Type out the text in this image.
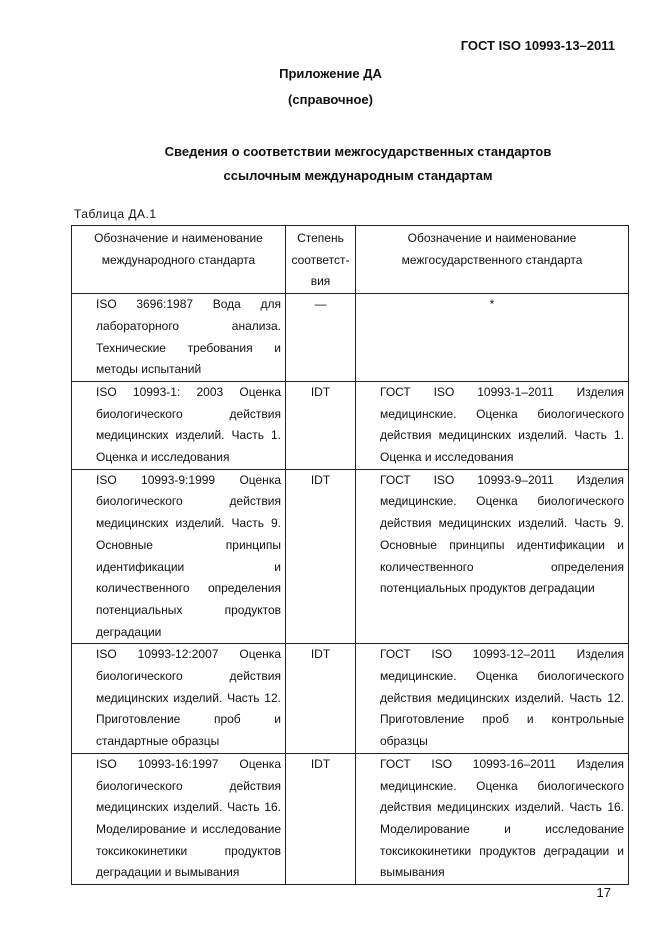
ГОСТ ISO 10993-13–2011
Приложение ДА
(справочное)
Сведения о соответствии межгосударственных стандартов
ссылочным международным стандартам
Таблица ДА.1
Обозначение и наименование международного стандарта	Степень соответст-вия	Обозначение и наименование межгосударственного стандарта

ISO 3696:1987 Вода для лабораторного анализа. Технические требования и методы испытаний	—	*

ISO 10993-1: 2003 Оценка биологического действия медицинских изделий. Часть 1. Оценка и исследования	IDT	ГОСТ ISO 10993-1–2011 Изделия медицинские. Оценка биологического действия медицинских изделий. Часть 1. Оценка и исследования

ISO 10993-9:1999 Оценка биологического действия медицинских изделий. Часть 9. Основные принципы идентификации и количественного определения потенциальных продуктов деградации	IDT	ГОСТ ISO 10993-9–2011 Изделия медицинские. Оценка биологического действия медицинских изделий. Часть 9. Основные принципы идентификации и количественного определения потенциальных продуктов деградации

ISO 10993-12:2007 Оценка биологического действия медицинских изделий. Часть 12. Приготовление проб и стандартные образцы	IDT	ГОСТ ISO 10993-12–2011 Изделия медицинские. Оценка биологического действия медицинских изделий. Часть 12. Приготовление проб и контрольные образцы

ISO 10993-16:1997 Оценка биологического действия медицинских изделий. Часть 16. Моделирование и исследование токсикокинетики продуктов деградации и вымывания	IDT	ГОСТ ISO 10993-16–2011 Изделия медицинские. Оценка биологического действия медицинских изделий. Часть 16. Моделирование и исследование токсикокинетики продуктов деградации и вымывания
17
